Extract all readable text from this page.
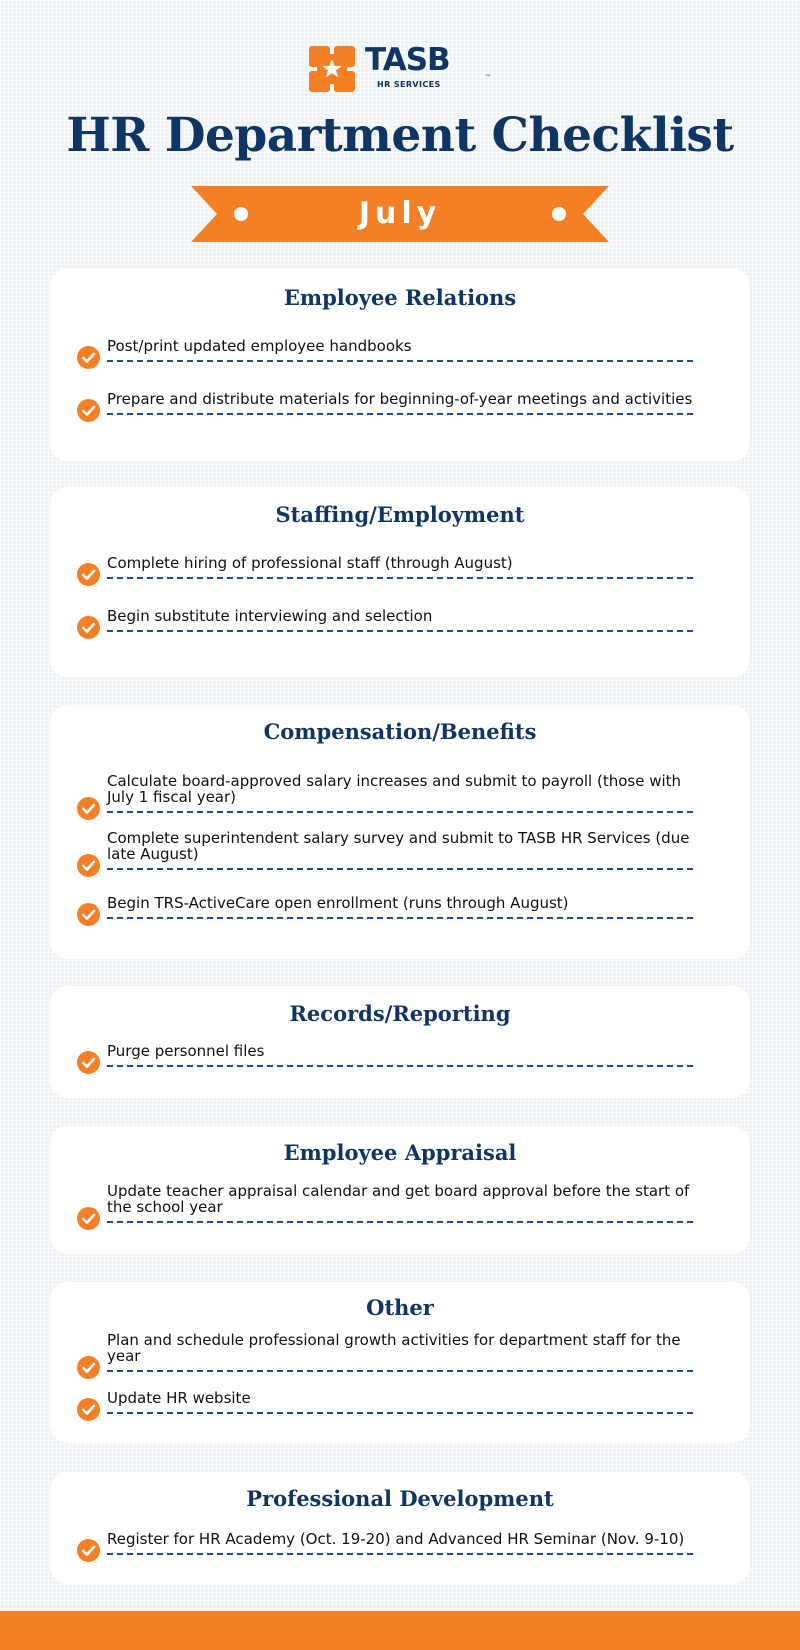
TASB	™
HR SERVICES
HR Department Checklist
July
Employee Relations
Post/print updated employee handbooks
Prepare and distribute materials for beginning-of-year meetings and activities
Staffing/Employment
Complete hiring of professional staff (through August)
Begin substitute interviewing and selection
Compensation/Benefits
Calculate board-approved salary increases and submit to payroll (those with July 1 fiscal year)
Complete superintendent salary survey and submit to TASB HR Services (due late August)
Begin TRS-ActiveCare open enrollment (runs through August)
Records/Reporting
Purge personnel files
Employee Appraisal
Update teacher appraisal calendar and get board approval before the start of the school year
Other
Plan and schedule professional growth activities for department staff for the year
Update HR website
Professional Development
Register for HR Academy (Oct. 19-20) and Advanced HR Seminar (Nov. 9-10)
